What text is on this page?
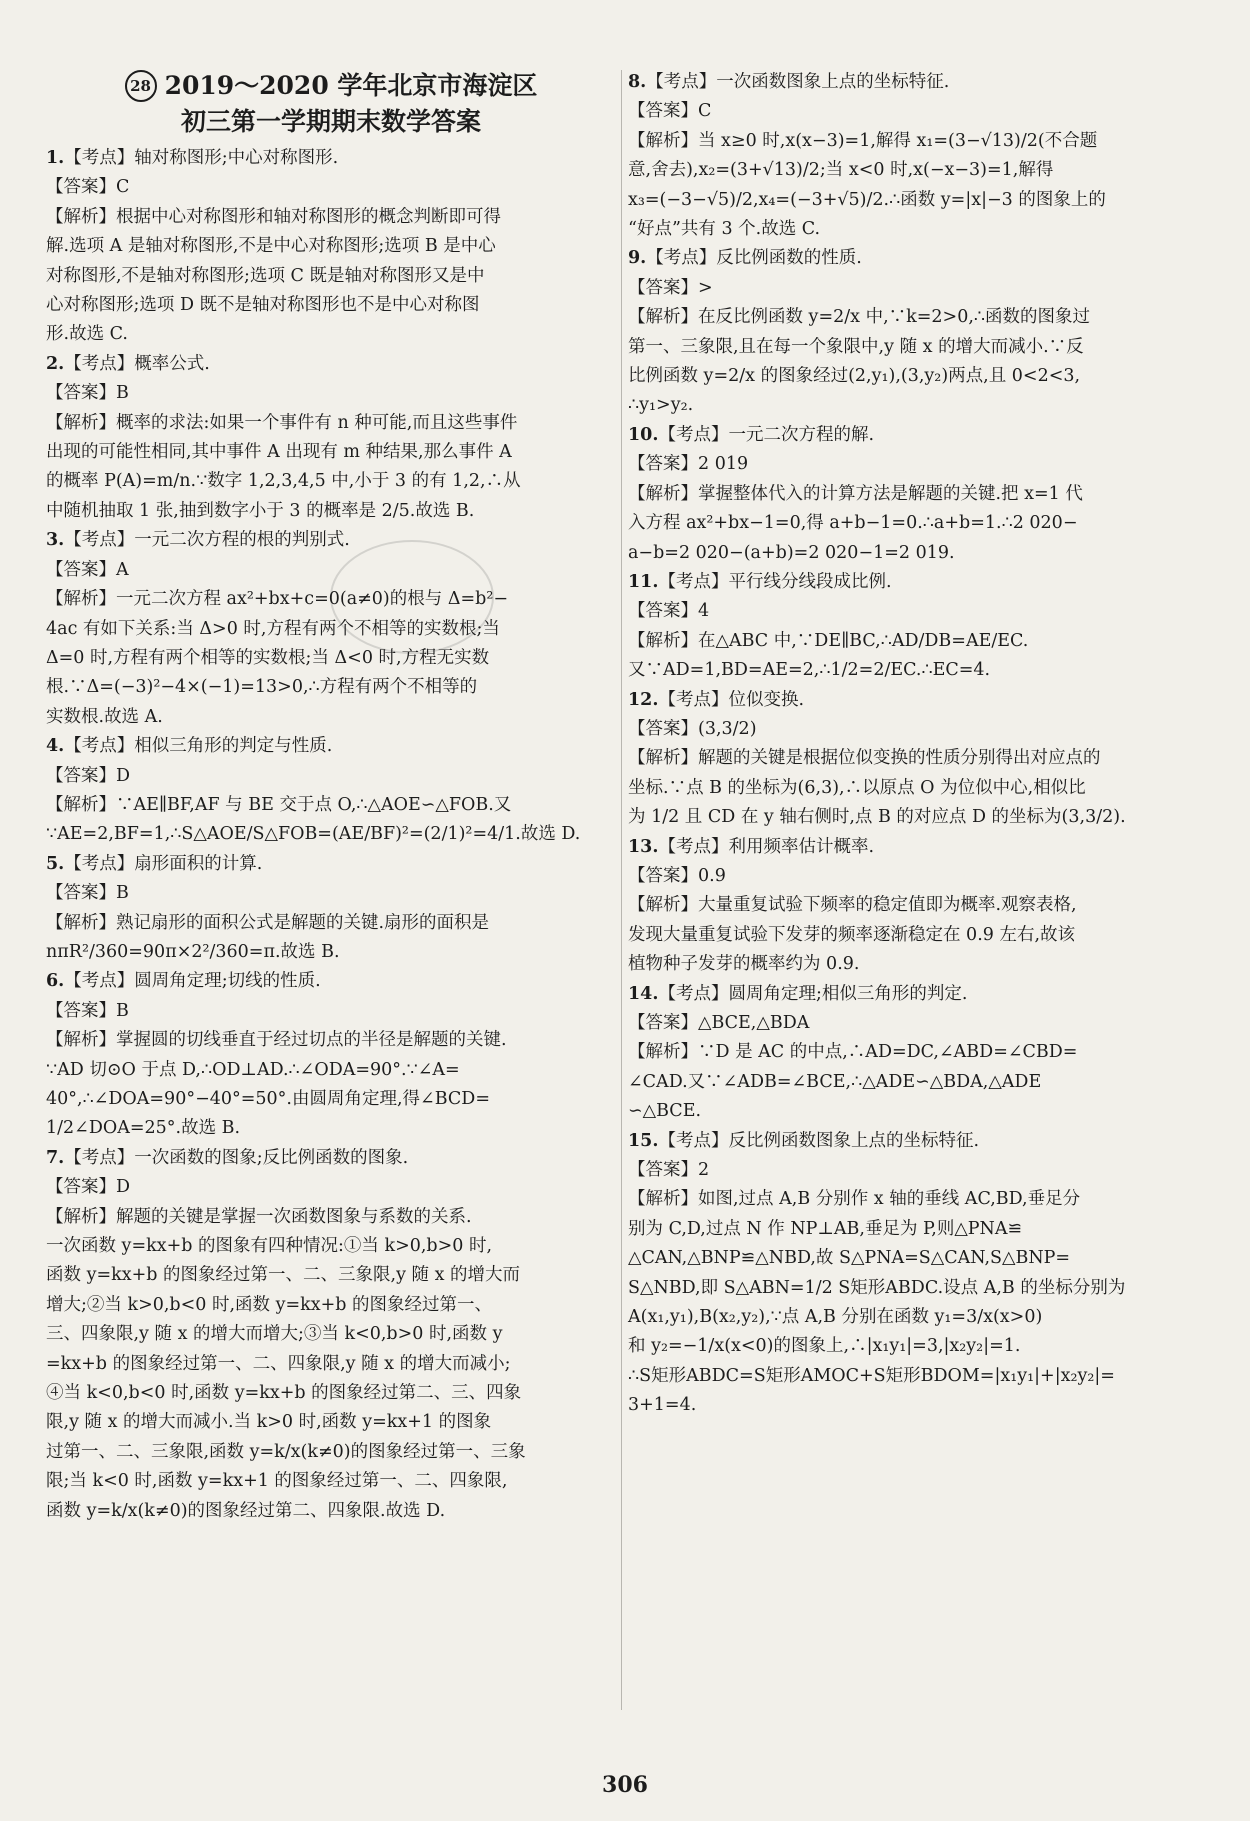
28 2019～2020 学年北京市海淀区
初三第一学期期末数学答案
1.【考点】轴对称图形;中心对称图形.
【答案】C
【解析】根据中心对称图形和轴对称图形的概念判断即可得
解.选项 A 是轴对称图形,不是中心对称图形;选项 B 是中心
对称图形,不是轴对称图形;选项 C 既是轴对称图形又是中
心对称图形;选项 D 既不是轴对称图形也不是中心对称图
形.故选 C.
2.【考点】概率公式.
【答案】B
【解析】概率的求法:如果一个事件有 n 种可能,而且这些事件
出现的可能性相同,其中事件 A 出现有 m 种结果,那么事件 A
的概率 P(A)=m/n.∵数字 1,2,3,4,5 中,小于 3 的有 1,2,∴从
中随机抽取 1 张,抽到数字小于 3 的概率是 2/5.故选 B.
3.【考点】一元二次方程的根的判别式.
【答案】A
【解析】一元二次方程 ax²+bx+c=0(a≠0)的根与 Δ=b²−
4ac 有如下关系:当 Δ>0 时,方程有两个不相等的实数根;当
Δ=0 时,方程有两个相等的实数根;当 Δ<0 时,方程无实数
根.∵Δ=(−3)²−4×(−1)=13>0,∴方程有两个不相等的
实数根.故选 A.
4.【考点】相似三角形的判定与性质.
【答案】D
【解析】∵AE∥BF,AF 与 BE 交于点 O,∴△AOE∽△FOB.又
∵AE=2,BF=1,∴S△AOE/S△FOB=(AE/BF)²=(2/1)²=4/1.故选 D.
5.【考点】扇形面积的计算.
【答案】B
【解析】熟记扇形的面积公式是解题的关键.扇形的面积是
nπR²/360=90π×2²/360=π.故选 B.
6.【考点】圆周角定理;切线的性质.
【答案】B
【解析】掌握圆的切线垂直于经过切点的半径是解题的关键.
∵AD 切⊙O 于点 D,∴OD⊥AD.∴∠ODA=90°.∵∠A=
40°,∴∠DOA=90°−40°=50°.由圆周角定理,得∠BCD=
1/2∠DOA=25°.故选 B.
7.【考点】一次函数的图象;反比例函数的图象.
【答案】D
【解析】解题的关键是掌握一次函数图象与系数的关系.
一次函数 y=kx+b 的图象有四种情况:①当 k>0,b>0 时,
函数 y=kx+b 的图象经过第一、二、三象限,y 随 x 的增大而
增大;②当 k>0,b<0 时,函数 y=kx+b 的图象经过第一、
三、四象限,y 随 x 的增大而增大;③当 k<0,b>0 时,函数 y
=kx+b 的图象经过第一、二、四象限,y 随 x 的增大而减小;
④当 k<0,b<0 时,函数 y=kx+b 的图象经过第二、三、四象
限,y 随 x 的增大而减小.当 k>0 时,函数 y=kx+1 的图象
过第一、二、三象限,函数 y=k/x(k≠0)的图象经过第一、三象
限;当 k<0 时,函数 y=kx+1 的图象经过第一、二、四象限,
函数 y=k/x(k≠0)的图象经过第二、四象限.故选 D.
8.【考点】一次函数图象上点的坐标特征.
【答案】C
【解析】当 x≥0 时,x(x−3)=1,解得 x₁=(3−√13)/2(不合题
意,舍去),x₂=(3+√13)/2;当 x<0 时,x(−x−3)=1,解得
x₃=(−3−√5)/2,x₄=(−3+√5)/2.∴函数 y=|x|−3 的图象上的
“好点”共有 3 个.故选 C.
9.【考点】反比例函数的性质.
【答案】>
【解析】在反比例函数 y=2/x 中,∵k=2>0,∴函数的图象过
第一、三象限,且在每一个象限中,y 随 x 的增大而减小.∵反
比例函数 y=2/x 的图象经过(2,y₁),(3,y₂)两点,且 0<2<3,
∴y₁>y₂.
10.【考点】一元二次方程的解.
【答案】2 019
【解析】掌握整体代入的计算方法是解题的关键.把 x=1 代
入方程 ax²+bx−1=0,得 a+b−1=0.∴a+b=1.∴2 020−
a−b=2 020−(a+b)=2 020−1=2 019.
11.【考点】平行线分线段成比例.
【答案】4
【解析】在△ABC 中,∵DE∥BC,∴AD/DB=AE/EC.
又∵AD=1,BD=AE=2,∴1/2=2/EC.∴EC=4.
12.【考点】位似变换.
【答案】(3,3/2)
【解析】解题的关键是根据位似变换的性质分别得出对应点的
坐标.∵点 B 的坐标为(6,3),∴以原点 O 为位似中心,相似比
为 1/2 且 CD 在 y 轴右侧时,点 B 的对应点 D 的坐标为(3,3/2).
13.【考点】利用频率估计概率.
【答案】0.9
【解析】大量重复试验下频率的稳定值即为概率.观察表格,
发现大量重复试验下发芽的频率逐渐稳定在 0.9 左右,故该
植物种子发芽的概率约为 0.9.
14.【考点】圆周角定理;相似三角形的判定.
【答案】△BCE,△BDA
【解析】∵D 是 AC 的中点,∴AD=DC,∠ABD=∠CBD=
∠CAD.又∵∠ADB=∠BCE,∴△ADE∽△BDA,△ADE
∽△BCE.
15.【考点】反比例函数图象上点的坐标特征.
【答案】2
【解析】如图,过点 A,B 分别作 x 轴的垂线 AC,BD,垂足分
别为 C,D,过点 N 作 NP⊥AB,垂足为 P,则△PNA≌
△CAN,△BNP≌△NBD,故 S△PNA=S△CAN,S△BNP=
S△NBD,即 S△ABN=1/2 S矩形ABDC.设点 A,B 的坐标分别为
A(x₁,y₁),B(x₂,y₂),∵点 A,B 分别在函数 y₁=3/x(x>0)
和 y₂=−1/x(x<0)的图象上,∴|x₁y₁|=3,|x₂y₂|=1.
∴S矩形ABDC=S矩形AMOC+S矩形BDOM=|x₁y₁|+|x₂y₂|=
3+1=4.
306
